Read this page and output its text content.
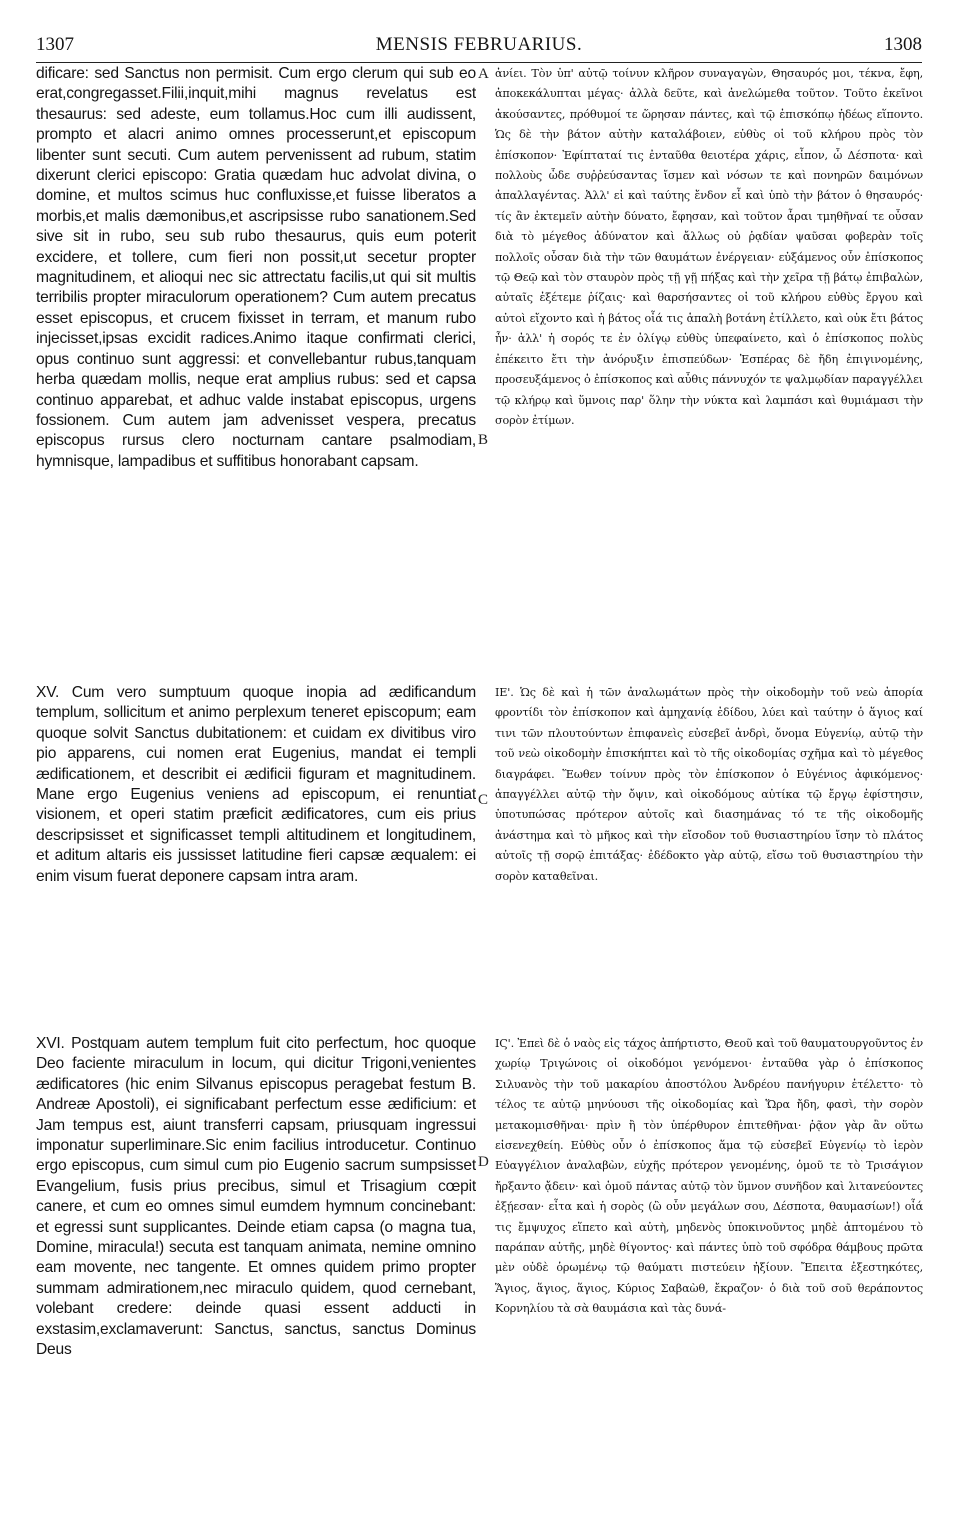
1307	MENSIS FEBRUARIUS.	1308

dificare: sed Sanctus non permisit. Cum ergo clerum qui sub eo erat,congregasset.Filii,inquit,mihi magnus revelatus est thesaurus: sed adeste, eum tollamus.Hoc cum illi audissent, prompto et alacri animo omnes processerunt,et episcopum libenter sunt secuti. Cum autem pervenissent ad rubum, statim dixerunt clerici episcopo: Gratia quædam huc advolat divina, o domine, et multos scimus huc confluxisse,et fuisse liberatos a morbis,et malis dæmonibus,et ascripsisse rubo sanationem.Sed sive sit in rubo, seu sub rubo thesaurus, quis eum poterit excidere, et tollere, cum fieri non possit,ut secetur propter magnitudinem, et alioqui nec sic attrectatu facilis,ut qui sit multis terribilis propter miraculorum operationem? Cum autem precatus esset episcopus, et crucem fixisset in terram, et manum rubo injecisset,ipsas excidit radices.Animo itaque confirmati clerici, opus continuo sunt aggressi: et convellebantur rubus,tanquam herba quædam mollis, neque erat amplius rubus: sed et capsa continuo apparebat, et adhuc valde instabat episcopus, urgens fossionem. Cum autem jam advenisset vespera, precatus episcopus rursus clero nocturnam cantare psalmodiam, hymnisque, lampadibus et suffitibus honorabant capsam.

XV. Cum vero sumptuum quoque inopia ad ædificandum templum, sollicitum et animo perplexum teneret episcopum; eam quoque solvit Sanctus dubitationem: et cuidam ex divitibus viro pio apparens, cui nomen erat Eugenius, mandat ei templi ædificationem, et describit ei ædificii figuram et magnitudinem. Mane ergo Eugenius veniens ad episcopum, ei renuntiat visionem, et operi statim præficit ædificatores, cum eis prius descripsisset et significasset templi altitudinem et longitudinem, et aditum altaris eis jussisset latitudine fieri capsæ æqualem: ei enim visum fuerat deponere capsam intra aram.

XVI. Postquam autem templum fuit cito perfectum, hoc quoque Deo faciente miraculum in locum, qui dicitur Trigoni,venientes ædificatores (hic enim Silvanus episcopus peragebat festum B. Andreæ Apostoli), ei significabant perfectum esse ædificium: et Jam tempus est, aiunt transferri capsam, priusquam ingressui imponatur superliminare.Sic enim facilius introducetur. Continuo ergo episcopus, cum simul cum pio Eugenio sacrum sumpsisset Evangelium, fusis prius precibus, simul et Trisagium cœpit canere, et cum eo omnes simul eumdem hymnum concinebant: et egressi sunt supplicantes. Deinde etiam capsa (o magna tua, Domine, miracula!) secuta est tanquam animata, nemine omnino eam movente, nec tangente. Et omnes quidem primo propter summam admirationem,nec miraculo quidem, quod cernebant, volebant credere: deinde quasi essent adducti in exstasim,exclamaverunt: Sanctus, sanctus, sanctus Dominus Deus

A
B
C
D

ἀνίει. Τὸν ὑπ' αὐτῷ τοίνυν κλῆρον συναγαγὼν, Θησαυρός μοι, τέκνα, ἔφη, ἀποκεκάλυπται μέγας· ἀλλὰ δεῦτε, καὶ ἀνελώμεθα τοῦτον. Τοῦτο ἐκεῖνοι ἀκούσαντες, πρόθυμοί τε ὥρησαν πάντες, καὶ τῷ ἐπισκόπῳ ἡδέως εἵποντο. Ὡς δὲ τὴν βάτον αὐτὴν καταλάβοιεν, εὐθὺς οἱ τοῦ κλήρου πρὸς τὸν ἐπίσκοπον· Ἐφίπταταί τις ἐνταῦθα θειοτέρα χάρις, εἶπον, ὦ Δέσποτα· καὶ πολλοὺς ὧδε συῤῥεύσαντας ἴσμεν καὶ νόσων τε καὶ πονηρῶν δαιμόνων ἀπαλλαγέντας. Ἀλλ' εἰ καὶ ταύτης ἔνδον εἶ καὶ ὑπὸ τὴν βάτον ὁ θησαυρός· τίς ἂν ἐκτεμεῖν αὐτὴν δύνατο, ἔφησαν, καὶ τοῦτον ἆραι τμηθῆναί τε οὖσαν διὰ τὸ μέγεθος ἀδύνατον καὶ ἄλλως οὐ ῥᾳδίαν ψαῦσαι φοβερὰν τοῖς πολλοῖς οὖσαν διὰ τὴν τῶν θαυμάτων ἐνέργειαν· εὐξάμενος οὖν ἐπίσκοπος τῷ Θεῷ καὶ τὸν σταυρὸν πρὸς τῇ γῇ πήξας καὶ τὴν χεῖρα τῇ βάτῳ ἐπιβαλὼν, αὐταῖς ἐξέτεμε ῥίζαις· καὶ θαρσήσαντες οἱ τοῦ κλήρου εὐθὺς ἔργου καὶ αὐτοὶ εἴχοντο καὶ ἡ βάτος οἷά τις ἁπαλὴ βοτάνη ἐτίλλετο, καὶ οὐκ ἔτι βάτος ἦν· ἀλλ' ἡ σορός τε ἐν ὀλίγῳ εὐθὺς ὑπεφαίνετο, καὶ ὁ ἐπίσκοπος πολὺς ἐπέκειτο ἔτι τὴν ἀνόρυξιν ἐπισπεύδων· Ἑσπέρας δὲ ἤδη ἐπιγινομένης, προσευξάμενος ὁ ἐπίσκοπος καὶ αὖθις πάννυχόν τε ψαλμῳδίαν παραγγέλλει τῷ κλήρῳ καὶ ὕμνοις παρ' ὅλην τὴν νύκτα καὶ λαμπάσι καὶ θυμιάμασι τὴν σορὸν ἐτίμων.

ΙΕ'. Ὡς δὲ καὶ ἡ τῶν ἀναλωμάτων πρὸς τὴν οἰκοδομὴν τοῦ νεὼ ἀπορία φροντίδι τὸν ἐπίσκοπον καὶ ἀμηχανίᾳ ἐδίδου, λύει καὶ ταύτην ὁ ἅγιος καί τινι τῶν πλουτούντων ἐπιφανεὶς εὐσεβεῖ ἀνδρὶ, ὄνομα Εὐγενίῳ, αὐτῷ τὴν τοῦ νεὼ οἰκοδομὴν ἐπισκήπτει καὶ τὸ τῆς οἰκοδομίας σχῆμα καὶ τὸ μέγεθος διαγράφει. Ἕωθεν τοίνυν πρὸς τὸν ἐπίσκοπον ὁ Εὐγένιος ἀφικόμενος· ἀπαγγέλλει αὐτῷ τὴν ὄψιν, καὶ οἰκοδόμους αὐτίκα τῷ ἔργῳ ἐφίστησιν, ὑποτυπώσας πρότερον αὐτοῖς καὶ διασημάνας τό τε τῆς οἰκοδομῆς ἀνάστημα καὶ τὸ μῆκος καὶ τὴν εἴσοδον τοῦ θυσιαστηρίου ἴσην τὸ πλάτος αὐτοῖς τῇ σορῷ ἐπιτάξας· ἐδέδοκτο γὰρ αὐτῷ, εἴσω τοῦ θυσιαστηρίου τὴν σορὸν καταθεῖναι.

ΙϚ'. Ἐπεὶ δὲ ὁ ναὸς εἰς τάχος ἀπήρτιστο, Θεοῦ καὶ τοῦ θαυματουργοῦντος ἐν χωρίῳ Τριγώνοις οἱ οἰκοδόμοι γενόμενοι· ἐνταῦθα γὰρ ὁ ἐπίσκοπος Σιλυανὸς τὴν τοῦ μακαρίου ἀποστόλου Ἀνδρέου πανήγυριν ἐτέλεττο· τὸ τέλος τε αὐτῷ μηνύουσι τῆς οἰκοδομίας καὶ Ὥρα ἤδη, φασὶ, τὴν σορὸν μετακομισθῆναι· πρὶν ἢ τὸν ὑπέρθυρον ἐπιτεθῆναι· ῥᾷον γὰρ ἂν οὕτω εἰσενεχθείη. Εὐθὺς οὖν ὁ ἐπίσκοπος ἅμα τῷ εὐσεβεῖ Εὐγενίῳ τὸ ἱερὸν Εὐαγγέλιον ἀναλαβὼν, εὐχῆς πρότερον γενομένης, ὁμοῦ τε τὸ Τρισάγιον ἤρξαντο ᾄδειν· καὶ ὁμοῦ πάντας αὐτῷ τὸν ὕμνον συνῆδον καὶ λιτανεύοντες ἐξῄεσαν· εἶτα καὶ ἡ σορὸς (ὢ οὖν μεγάλων σου, Δέσποτα, θαυμασίων!) οἷά τις ἔμψυχος εἵπετο καὶ αὐτὴ, μηδενὸς ὑποκινοῦντος μηδὲ ἁπτομένου τὸ παράπαν αὐτῆς, μηδὲ θίγοντος· καὶ πάντες ὑπὸ τοῦ σφόδρα θάμβους πρῶτα μὲν οὐδὲ ὁρωμένῳ τῷ θαύματι πιστεύειν ἠξίουν. Ἔπειτα ἐξεστηκότες, Ἅγιος, ἅγιος, ἅγιος, Κύριος Σαβαὼθ, ἔκραζον· ὁ διὰ τοῦ σοῦ θεράποντος Κορνηλίου τὰ σὰ θαυμάσια καὶ τὰς δυνά-
